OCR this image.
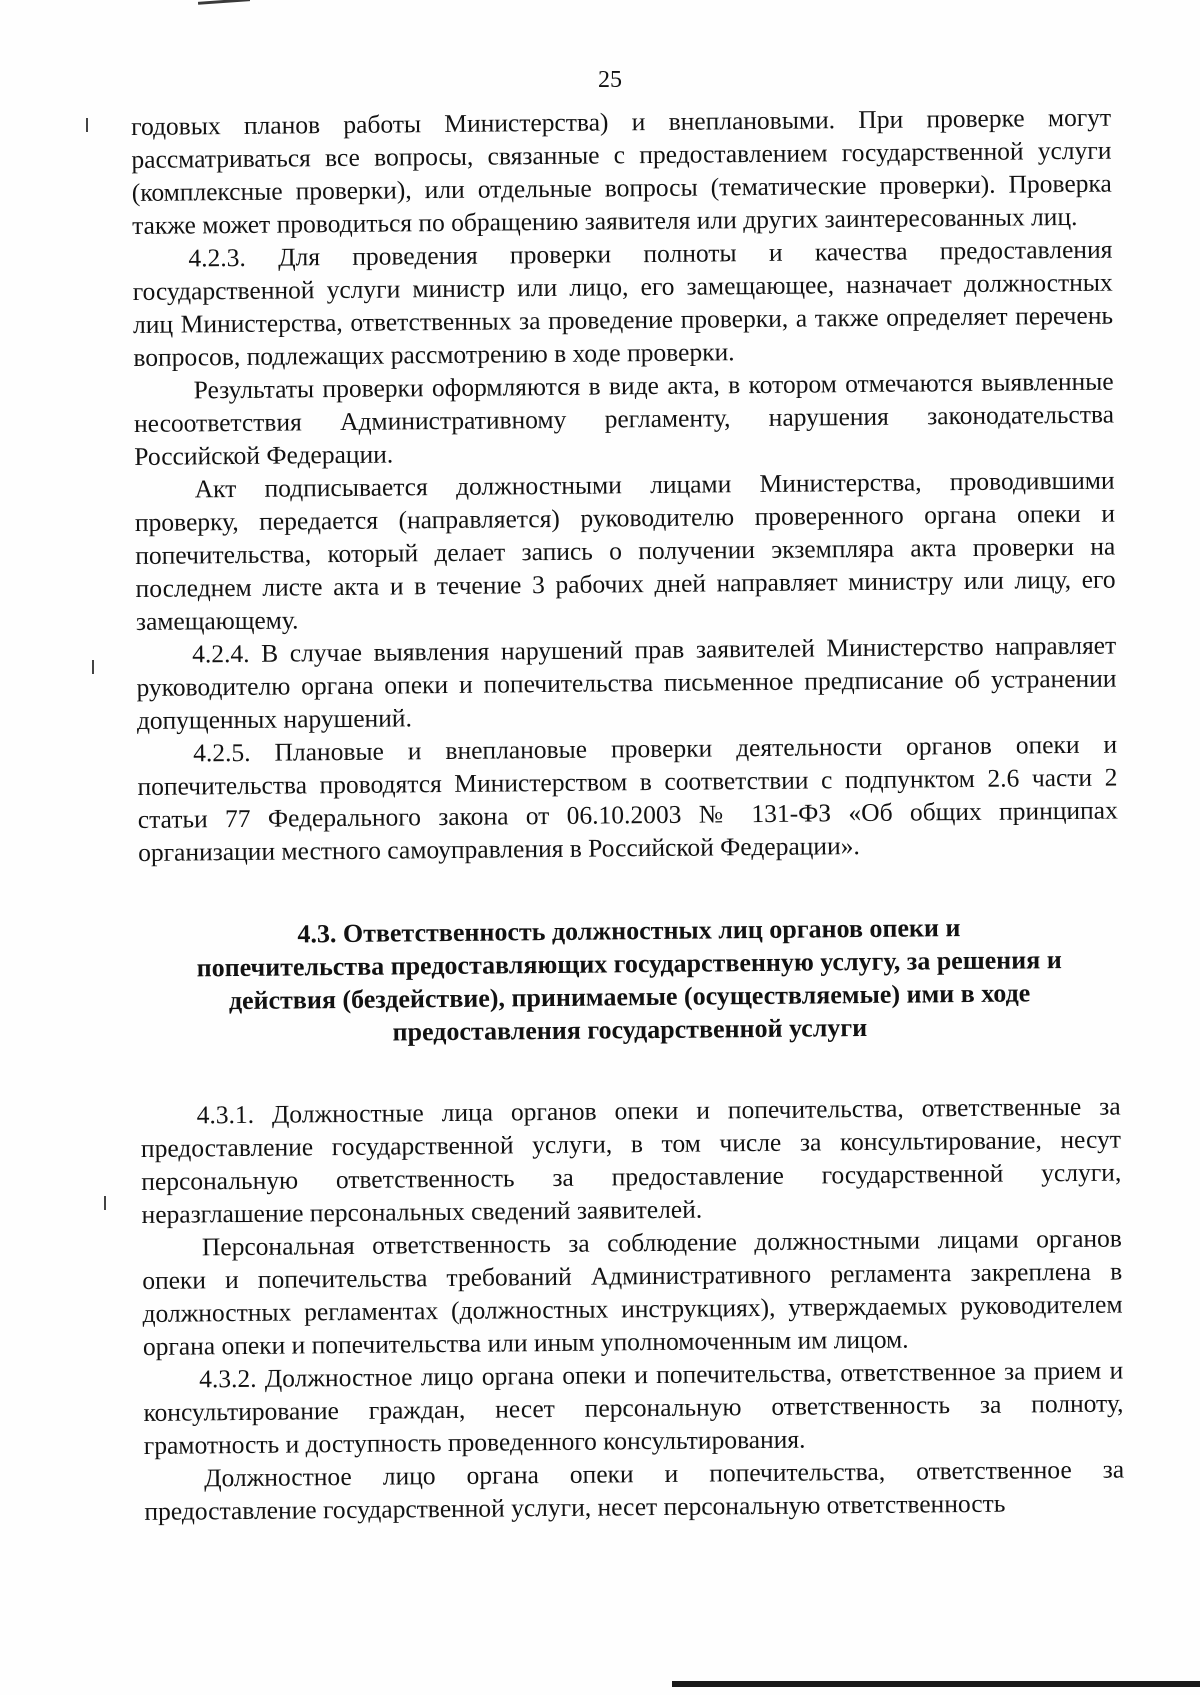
25

годовых планов работы Министерства) и внеплановыми. При проверке могут рассматриваться все вопросы, связанные с предоставлением государственной услуги (комплексные проверки), или отдельные вопросы (тематические проверки). Проверка также может проводиться по обращению заявителя или других заинтересованных лиц.

4.2.3. Для проведения проверки полноты и качества предоставления государственной услуги министр или лицо, его замещающее, назначает должностных лиц Министерства, ответственных за проведение проверки, а также определяет перечень вопросов, подлежащих рассмотрению в ходе проверки.

Результаты проверки оформляются в виде акта, в котором отмечаются выявленные несоответствия Административному регламенту, нарушения законодательства Российской Федерации.

Акт подписывается должностными лицами Министерства, проводившими проверку, передается (направляется) руководителю проверенного органа опеки и попечительства, который делает запись о получении экземпляра акта проверки на последнем листе акта и в течение 3 рабочих дней направляет министру или лицу, его замещающему.

4.2.4. В случае выявления нарушений прав заявителей Министерство направляет руководителю органа опеки и попечительства письменное предписание об устранении допущенных нарушений.

4.2.5. Плановые и внеплановые проверки деятельности органов опеки и попечительства проводятся Министерством в соответствии с подпунктом 2.6 части 2 статьи 77 Федерального закона от 06.10.2003 № 131-ФЗ «Об общих принципах организации местного самоуправления в Российской Федерации».

4.3. Ответственность должностных лиц органов опеки и
попечительства предоставляющих государственную услугу, за решения и
действия (бездействие), принимаемые (осуществляемые) ими в ходе
предоставления государственной услуги

4.3.1. Должностные лица органов опеки и попечительства, ответственные за предоставление государственной услуги, в том числе за консультирование, несут персональную ответственность за предоставление государственной услуги, неразглашение персональных сведений заявителей.

Персональная ответственность за соблюдение должностными лицами органов опеки и попечительства требований Административного регламента закреплена в должностных регламентах (должностных инструкциях), утверждаемых руководителем органа опеки и попечительства или иным уполномоченным им лицом.

4.3.2. Должностное лицо органа опеки и попечительства, ответственное за прием и консультирование граждан, несет персональную ответственность за полноту, грамотность и доступность проведенного консультирования.

Должностное лицо органа опеки и попечительства, ответственное за предоставление государственной услуги, несет персональную ответственность
